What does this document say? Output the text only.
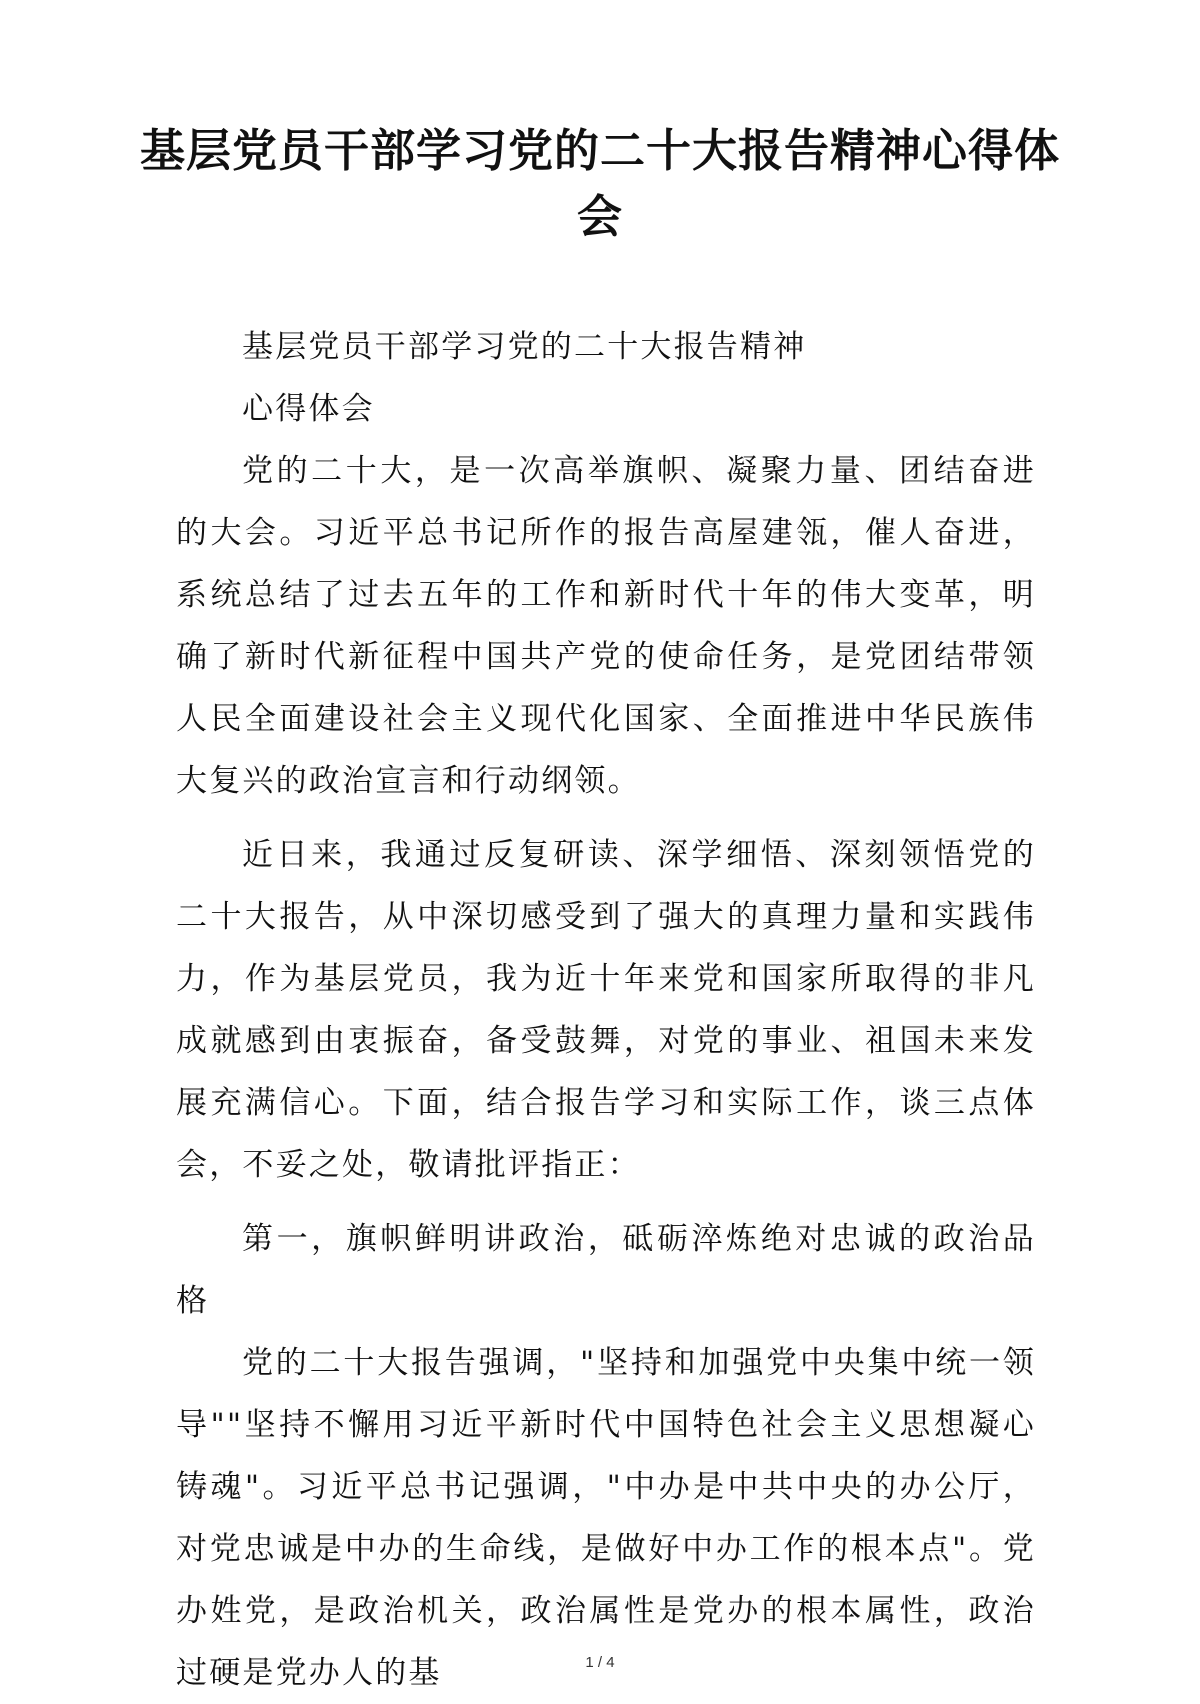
基层党员干部学习党的二十大报告精神心得体会

基层党员干部学习党的二十大报告精神

心得体会

党的二十大，是一次高举旗帜、凝聚力量、团结奋进的大会。习近平总书记所作的报告高屋建瓴，催人奋进，系统总结了过去五年的工作和新时代十年的伟大变革，明确了新时代新征程中国共产党的使命任务，是党团结带领人民全面建设社会主义现代化国家、全面推进中华民族伟大复兴的政治宣言和行动纲领。

近日来，我通过反复研读、深学细悟、深刻领悟党的二十大报告，从中深切感受到了强大的真理力量和实践伟力，作为基层党员，我为近十年来党和国家所取得的非凡成就感到由衷振奋，备受鼓舞，对党的事业、祖国未来发展充满信心。下面，结合报告学习和实际工作，谈三点体会，不妥之处，敬请批评指正：

第一，旗帜鲜明讲政治，砥砺淬炼绝对忠诚的政治品格

党的二十大报告强调，"坚持和加强党中央集中统一领导""坚持不懈用习近平新时代中国特色社会主义思想凝心铸魂"。习近平总书记强调，"中办是中共中央的办公厅，对党忠诚是中办的生命线，是做好中办工作的根本点"。党办姓党，是政治机关，政治属性是党办的根本属性，政治过硬是党办人的基	1 / 4
